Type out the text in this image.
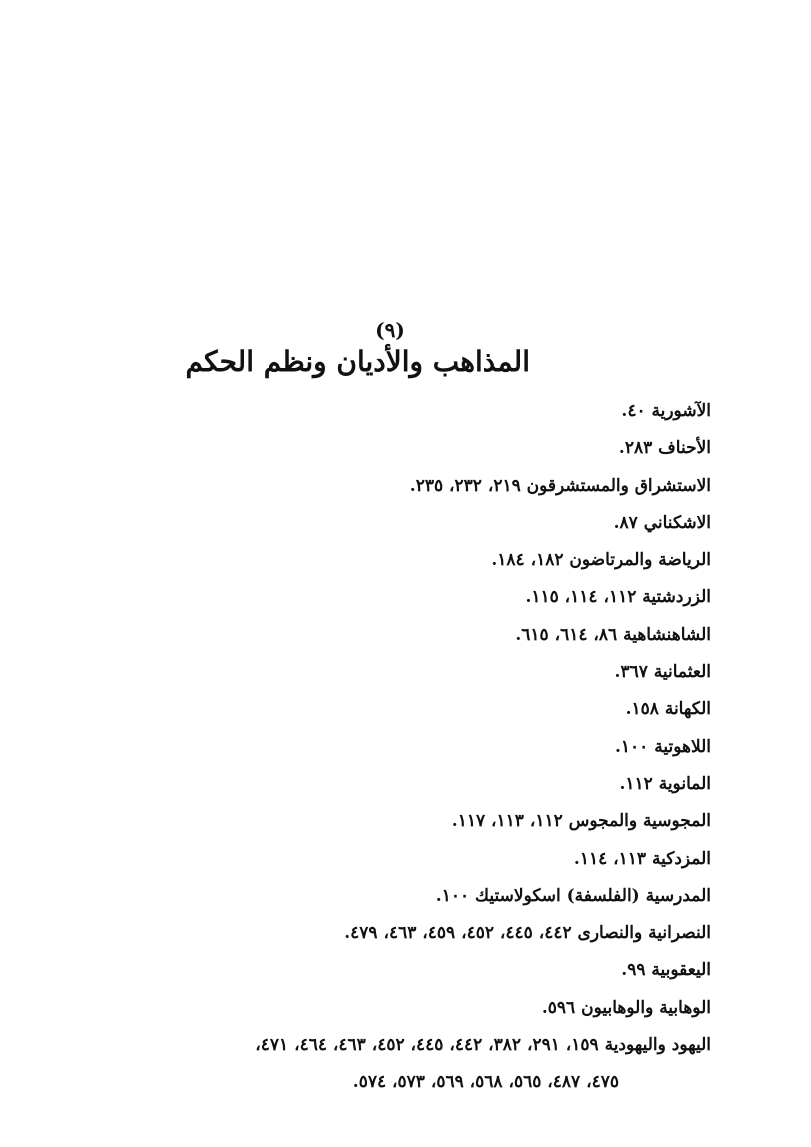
(٩)
المذاهب والأديان ونظم الحكم
الآشورية ٤٠.
الأحناف ٢٨٣.
الاستشراق والمستشرقون ٢١٩، ٢٣٢، ٢٣٥.
الاشكناني ٨٧.
الرياضة والمرتاضون ١٨٢، ١٨٤.
الزردشتية ١١٢، ١١٤، ١١٥.
الشاهنشاهية ٨٦، ٦١٤، ٦١٥.
العثمانية ٣٦٧.
الكهانة ١٥٨.
اللاهوتية ١٠٠.
المانوية ١١٢.
المجوسية والمجوس ١١٢، ١١٣، ١١٧.
المزدكية ١١٣، ١١٤.
المدرسية (الفلسفة) اسكولاستيك ١٠٠.
النصرانية والنصارى ٤٤٢، ٤٤٥، ٤٥٢، ٤٥٩، ٤٦٣، ٤٧٩.
اليعقوبية ٩٩.
الوهابية والوهابيون ٥٩٦.
اليهود واليهودية ١٥٩، ٢٩١، ٣٨٢، ٤٤٢، ٤٤٥، ٤٥٢، ٤٦٣، ٤٦٤، ٤٧١،
٤٧٥، ٤٨٧، ٥٦٥، ٥٦٨، ٥٦٩، ٥٧٣، ٥٧٤.
